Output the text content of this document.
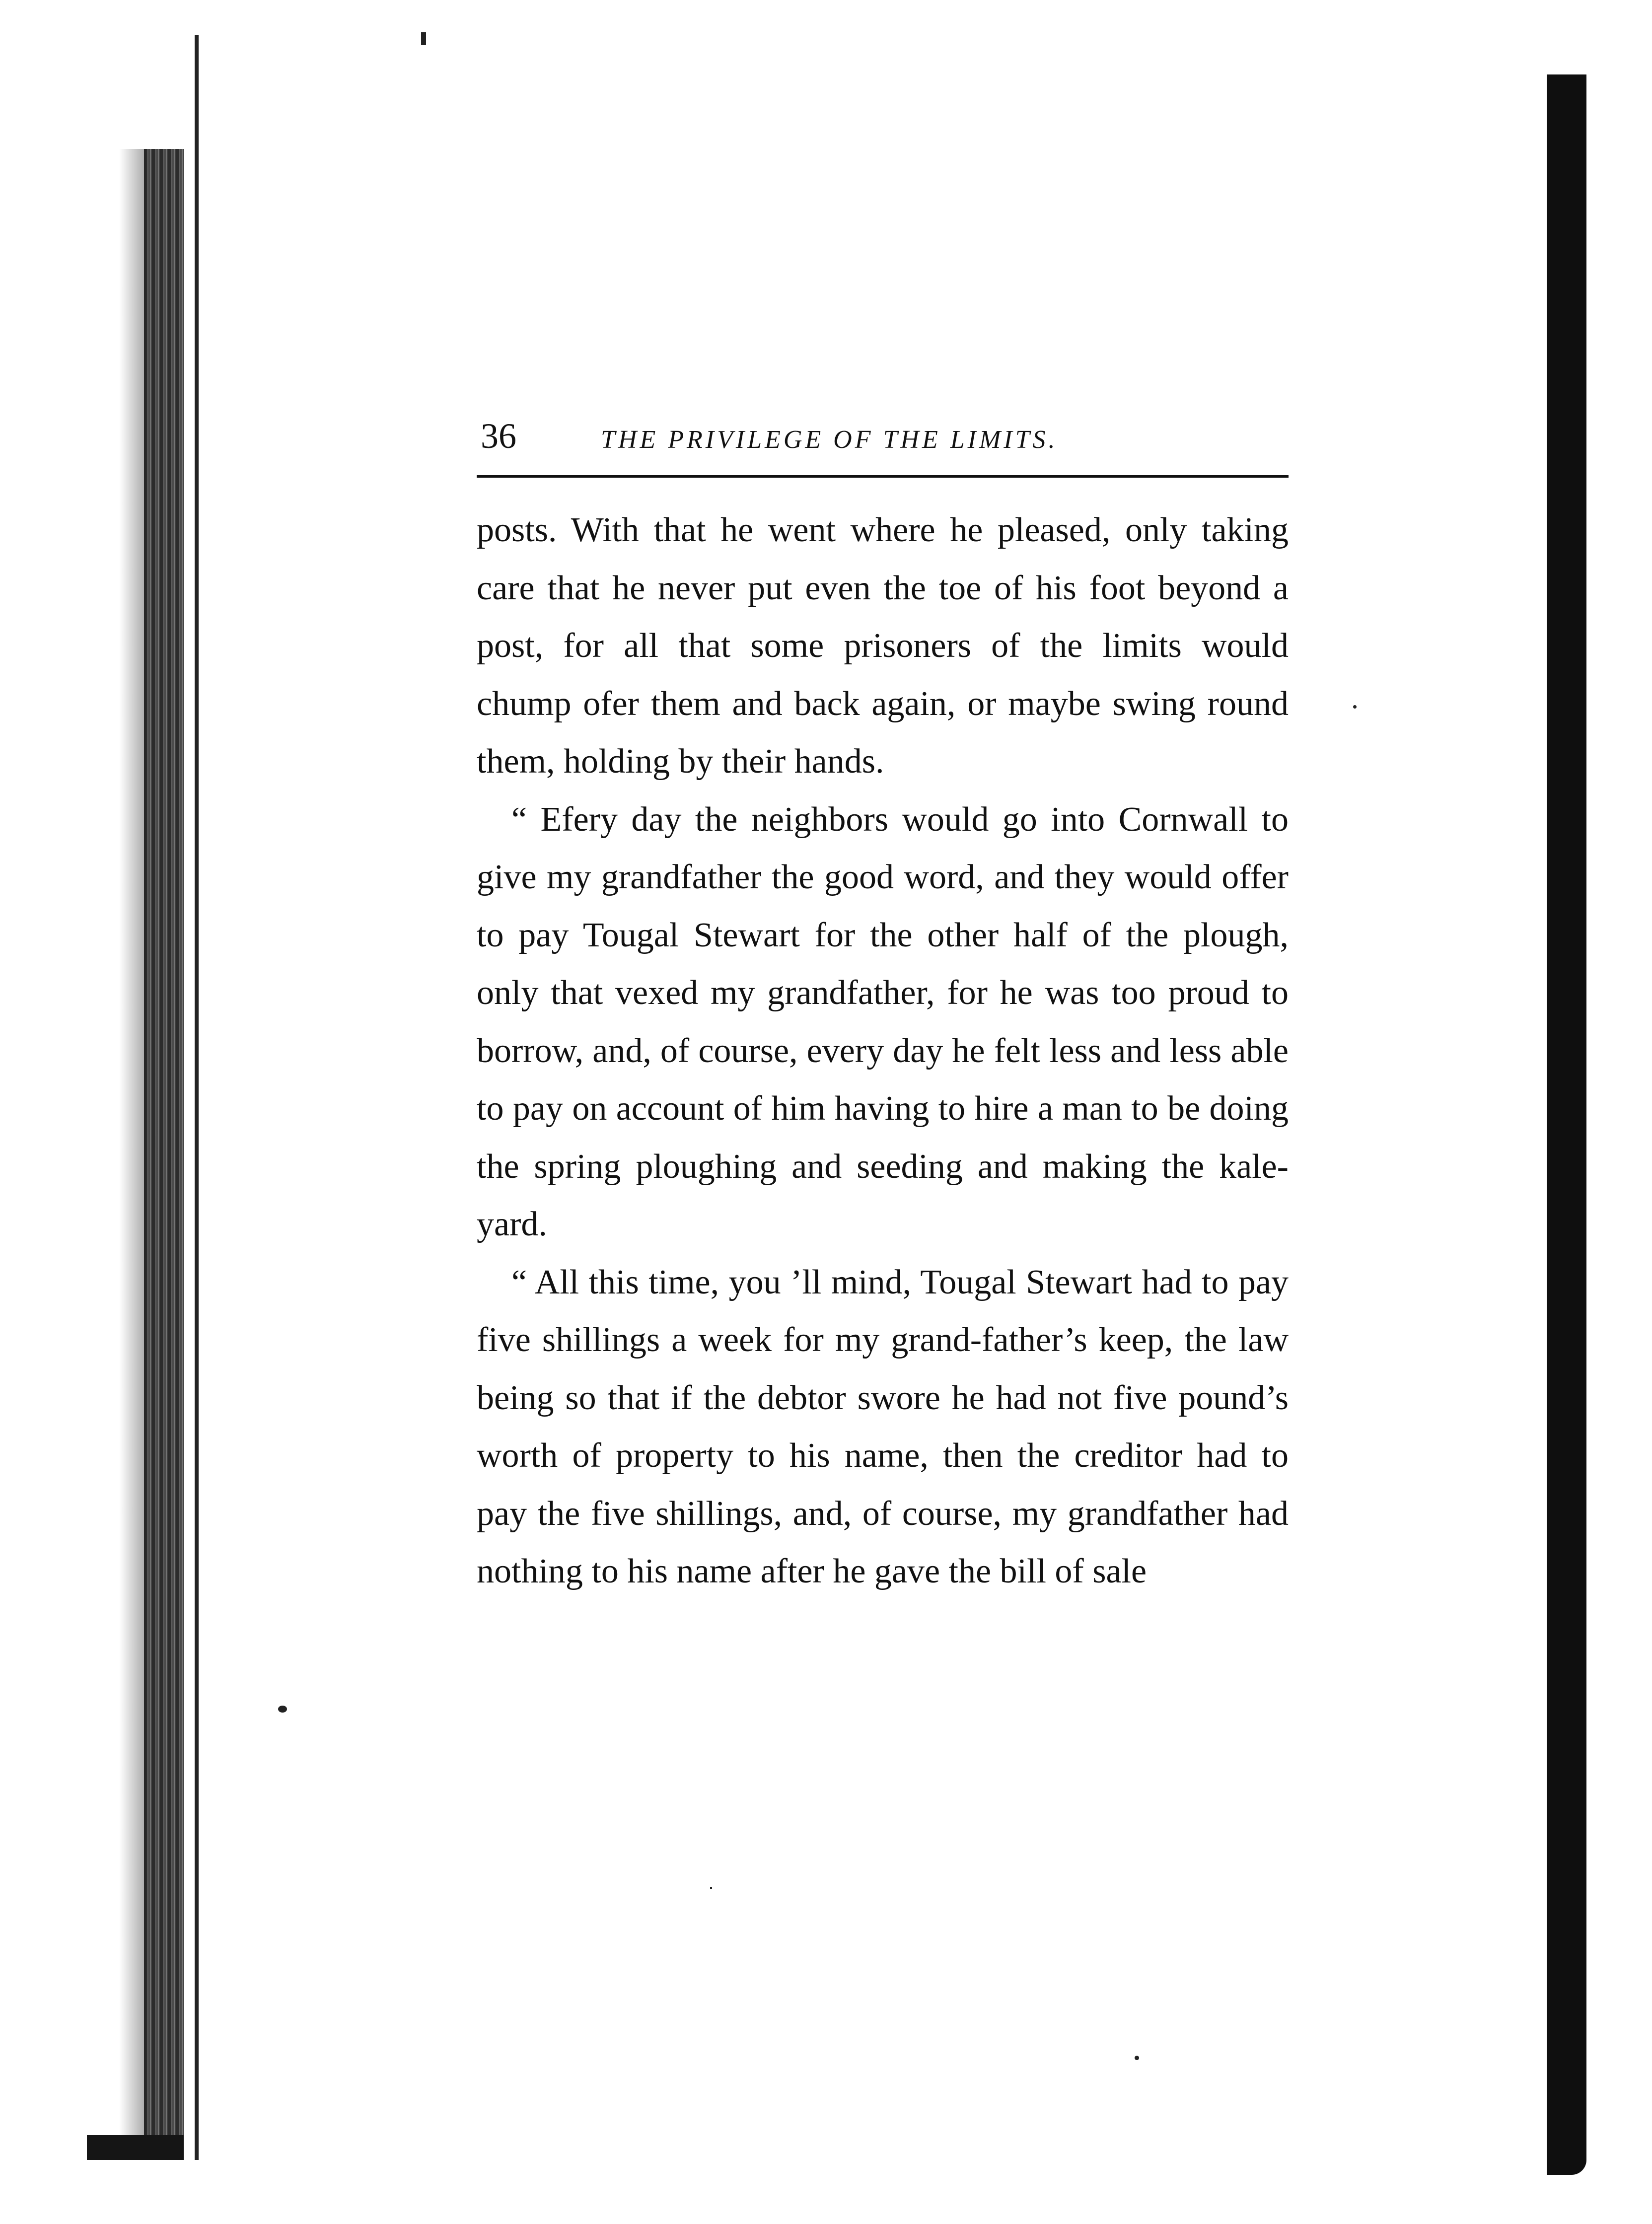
36	THE PRIVILEGE OF THE LIMITS.

posts. With that he went where he pleased, only taking care that he never put even the toe of his foot beyond a post, for all that some prisoners of the limits would chump ofer them and back again, or maybe swing round them, holding by their hands.

“ Efery day the neighbors would go into Cornwall to give my grandfather the good word, and they would offer to pay Tougal Stewart for the other half of the plough, only that vexed my grandfather, for he was too proud to borrow, and, of course, every day he felt less and less able to pay on account of him having to hire a man to be doing the spring ploughing and seeding and making the kale-yard.

“ All this time, you ’ll mind, Tougal Stewart had to pay five shillings a week for my grand-father’s keep, the law being so that if the debtor swore he had not five pound’s worth of property to his name, then the creditor had to pay the five shillings, and, of course, my grandfather had nothing to his name after he gave the bill of sale
